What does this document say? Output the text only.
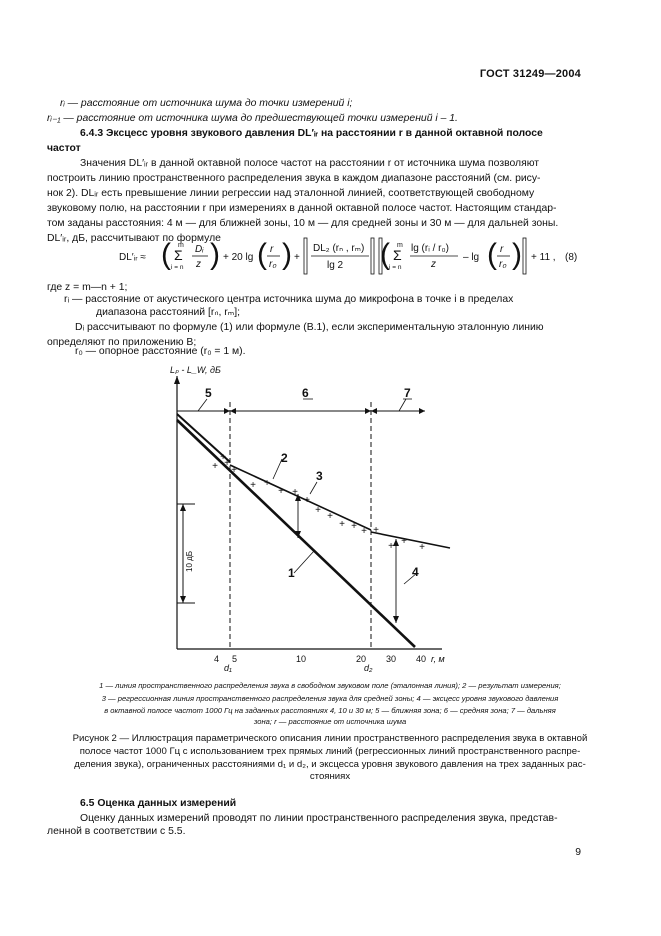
ГОСТ 31249—2004
rᵢ — расстояние от источника шума до точки измерений i;
rᵢ₋₁ — расстояние от источника шума до предшествующей точки измерений i – 1.
6.4.3 Эксцесс уровня звукового давления DL′ᵢᵣ на расстоянии r в данной октавной полосе
частот
Значения DL′ᵢᵣ в данной октавной полосе частот на расстоянии r от источника шума позволяют
построить линию пространственного распределения звука в каждом диапазоне расстояний (см. рису-
нок 2). DLᵢᵣ есть превышение линии регрессии над эталонной линией, соответствующей свободному
звуковому полю, на расстоянии r при измерениях в данной октавной полосе частот. Настоящим стандар-
том заданы расстояния: 4 м — для ближней зоны, 10 м — для средней зоны и 30 м — для дальней зоны.
DL′ᵢᵣ, дБ, рассчитывают по формуле
DL′ᵢᵣ ≈ ( m
Σ
i = n
Dᵢ
z ) + 20 lg ( r
r₀ ) +
DL₂ (rₙ , rₘ)
lg 2 ( m
Σ
i = n
lg (rᵢ / r₀)
z
– lg ( r
r₀ ) + 11 , (8)
где z = m—n + 1;
rᵢ — расстояние от акустического центра источника шума до микрофона в точке i в пределах
диапазона расстояний [rₙ, rₘ];
Dᵢ рассчитывают по формуле (1) или формуле (В.1), если экспериментальную эталонную линию
определяют по приложению В;
r₀ — опорное расстояние (r₀ = 1 м).
+
+
+
+ +
+ +
+
+
+
+ + + +
+ +
+
+
Lₚ - L_W, дБ
r, м
4 5	10	20 30 40
d₁	d₂
1
2
3
4
5	6	7
10 дБ
1 — линия пространственного распределения звука в свободном звуковом поле (эталонная линия); 2 — результат измерения;
3 — регрессионная линия пространственного распределения звука для средней зоны; 4 — эксцесс уровня звукового давления
в октавной полосе частот 1000 Гц на заданных расстояниях 4, 10 и 30 м; 5 — ближняя зона; 6 — средняя зона; 7 — дальняя
зона; r — расстояние от источника шума
Рисунок 2 — Иллюстрация параметрического описания линии пространственного распределения звука в октавной
полосе частот 1000 Гц с использованием трех прямых линий (регрессионных линий пространственного распре-
деления звука), ограниченных расстояниями d₁ и d₂, и эксцесса уровня звукового давления на трех заданных рас-
стояниях
6.5 Оценка данных измерений
Оценку данных измерений проводят по линии пространственного распределения звука, представ-
ленной в соответствии с 5.5.
9
